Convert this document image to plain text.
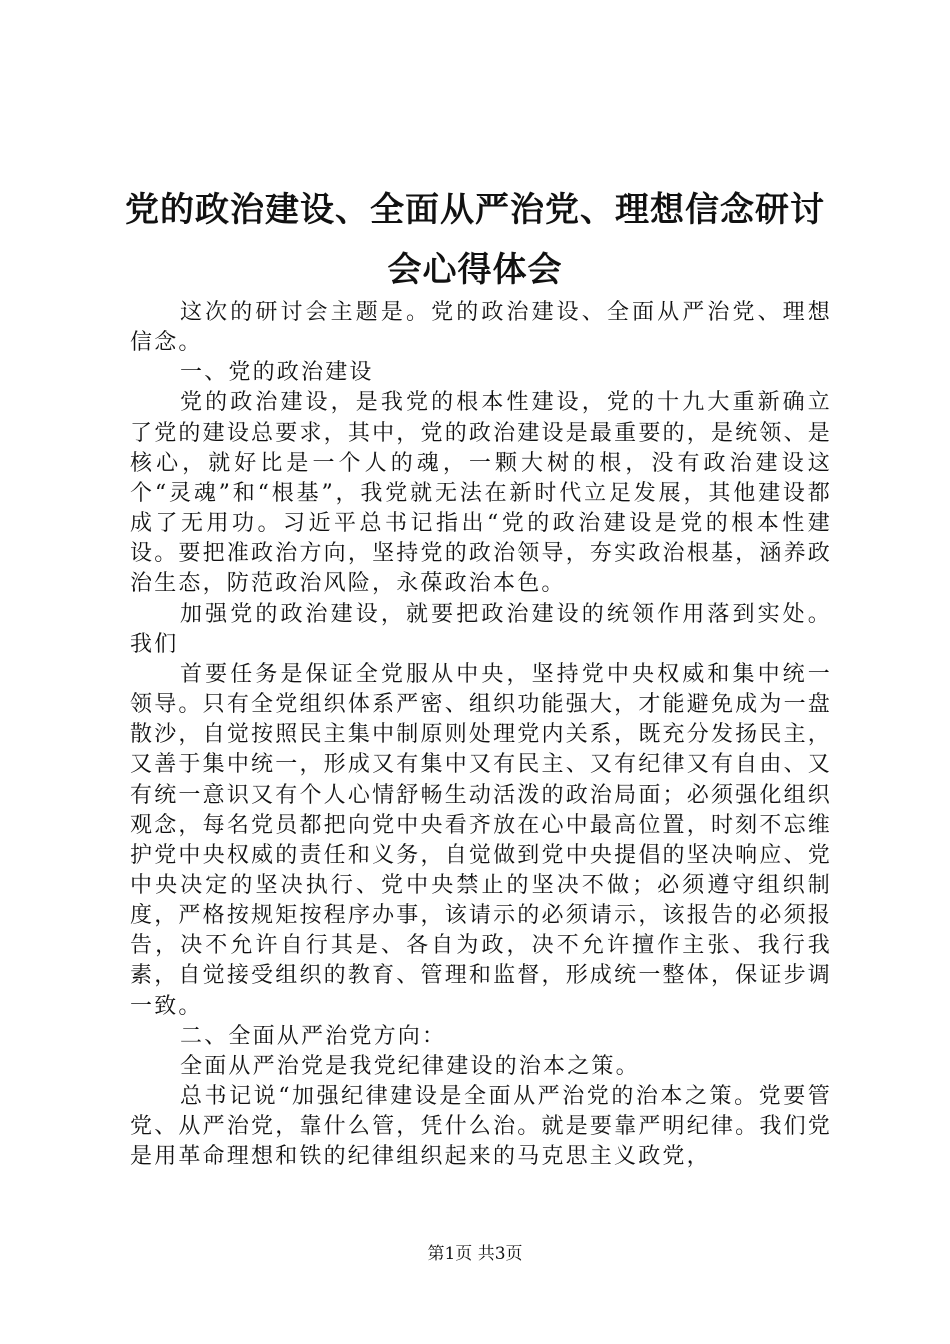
党的政治建设、全面从严治党、理想信念研讨
会心得体会

这次的研讨会主题是。党的政治建设、全面从严治党、理想信念。

一、党的政治建设

党的政治建设，是我党的根本性建设，党的十九大重新确立了党的建设总要求，其中，党的政治建设是最重要的，是统领、是核心，就好比是一个人的魂，一颗大树的根，没有政治建设这个“灵魂”和“根基”，我党就无法在新时代立足发展，其他建设都成了无用功。习近平总书记指出“党的政治建设是党的根本性建设。要把准政治方向，坚持党的政治领导，夯实政治根基，涵养政治生态，防范政治风险，永葆政治本色。

加强党的政治建设，就要把政治建设的统领作用落到实处。我们

首要任务是保证全党服从中央，坚持党中央权威和集中统一领导。只有全党组织体系严密、组织功能强大，才能避免成为一盘散沙，自觉按照民主集中制原则处理党内关系，既充分发扬民主，又善于集中统一，形成又有集中又有民主、又有纪律又有自由、又有统一意识又有个人心情舒畅生动活泼的政治局面；必须强化组织观念，每名党员都把向党中央看齐放在心中最高位置，时刻不忘维护党中央权威的责任和义务，自觉做到党中央提倡的坚决响应、党中央决定的坚决执行、党中央禁止的坚决不做；必须遵守组织制度，严格按规矩按程序办事，该请示的必须请示，该报告的必须报告，决不允许自行其是、各自为政，决不允许擅作主张、我行我素，自觉接受组织的教育、管理和监督，形成统一整体，保证步调一致。

二、全面从严治党方向：

全面从严治党是我党纪律建设的治本之策。

总书记说“加强纪律建设是全面从严治党的治本之策。党要管党、从严治党，靠什么管，凭什么治。就是要靠严明纪律。我们党是用革命理想和铁的纪律组织起来的马克思主义政党，

第1页 共3页
